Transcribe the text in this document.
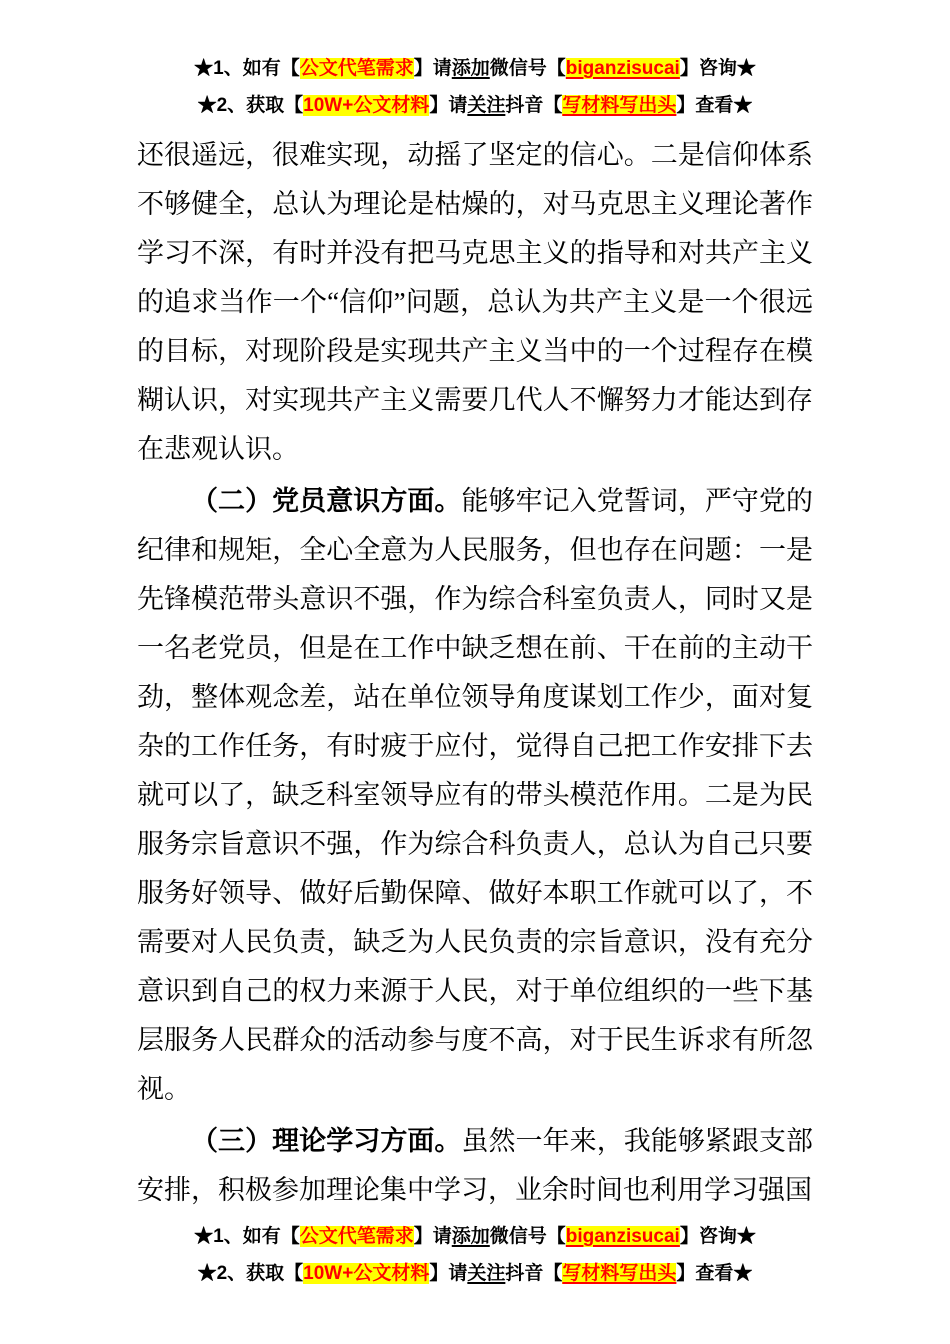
★1、如有【公文代笔需求】请添加微信号【biganzisucai】咨询★
★2、获取【10W+公文材料】请关注抖音【写材料写出头】查看★

还很遥远，很难实现，动摇了坚定的信心。二是信仰体系不够健全，总认为理论是枯燥的，对马克思主义理论著作学习不深，有时并没有把马克思主义的指导和对共产主义的追求当作一个“信仰”问题，总认为共产主义是一个很远的目标，对现阶段是实现共产主义当中的一个过程存在模糊认识，对实现共产主义需要几代人不懈努力才能达到存在悲观认识。

（二）党员意识方面。能够牢记入党誓词，严守党的纪律和规矩，全心全意为人民服务，但也存在问题：一是先锋模范带头意识不强，作为综合科室负责人，同时又是一名老党员，但是在工作中缺乏想在前、干在前的主动干劲，整体观念差，站在单位领导角度谋划工作少，面对复杂的工作任务，有时疲于应付，觉得自己把工作安排下去就可以了，缺乏科室领导应有的带头模范作用。二是为民服务宗旨意识不强，作为综合科负责人，总认为自己只要服务好领导、做好后勤保障、做好本职工作就可以了，不需要对人民负责，缺乏为人民负责的宗旨意识，没有充分意识到自己的权力来源于人民，对于单位组织的一些下基层服务人民群众的活动参与度不高，对于民生诉求有所忽视。

（三）理论学习方面。虽然一年来，我能够紧跟支部安排，积极参加理论集中学习，业余时间也利用学习强国

★1、如有【公文代笔需求】请添加微信号【biganzisucai】咨询★
★2、获取【10W+公文材料】请关注抖音【写材料写出头】查看★
